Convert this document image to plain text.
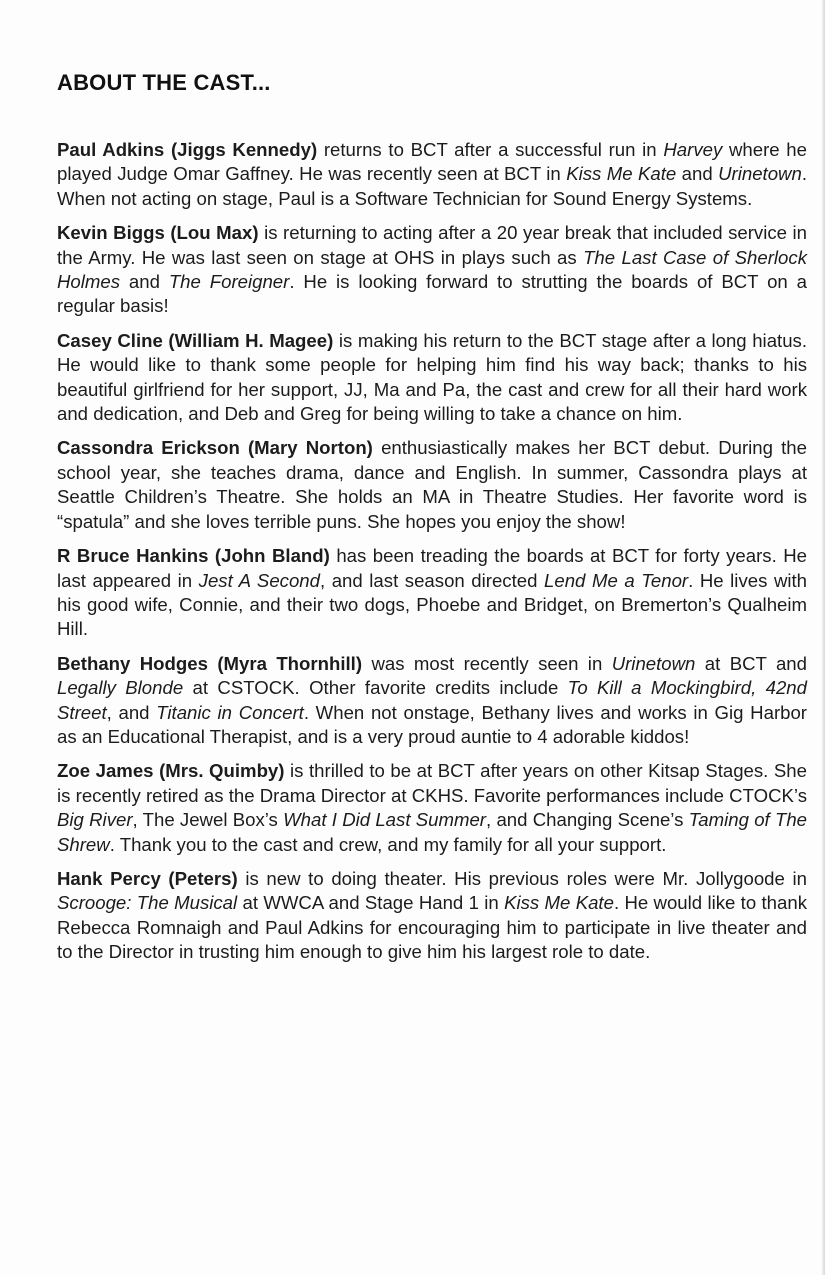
ABOUT THE CAST...

Paul Adkins (Jiggs Kennedy) returns to BCT after a successful run in Harvey where he played Judge Omar Gaffney. He was recently seen at BCT in Kiss Me Kate and Urinetown. When not acting on stage, Paul is a Software Technician for Sound Energy Systems.

Kevin Biggs (Lou Max) is returning to acting after a 20 year break that included service in the Army. He was last seen on stage at OHS in plays such as The Last Case of Sherlock Holmes and The Foreigner. He is looking forward to strutting the boards of BCT on a regular basis!

Casey Cline (William H. Magee) is making his return to the BCT stage after a long hiatus. He would like to thank some people for helping him find his way back; thanks to his beautiful girlfriend for her support, JJ, Ma and Pa, the cast and crew for all their hard work and dedication, and Deb and Greg for being willing to take a chance on him.

Cassondra Erickson (Mary Norton) enthusiastically makes her BCT debut. During the school year, she teaches drama, dance and English. In summer, Cassondra plays at Seattle Children’s Theatre. She holds an MA in Theatre Studies. Her favorite word is “spatula” and she loves terrible puns. She hopes you enjoy the show!

R Bruce Hankins (John Bland) has been treading the boards at BCT for forty years. He last appeared in Jest A Second, and last season directed Lend Me a Tenor. He lives with his good wife, Connie, and their two dogs, Phoebe and Bridget, on Bremerton’s Qualheim Hill.

Bethany Hodges (Myra Thornhill) was most recently seen in Urinetown at BCT and Legally Blonde at CSTOCK. Other favorite credits include To Kill a Mockingbird, 42nd Street, and Titanic in Concert. When not onstage, Bethany lives and works in Gig Harbor as an Educational Therapist, and is a very proud auntie to 4 adorable kiddos!

Zoe James (Mrs. Quimby) is thrilled to be at BCT after years on other Kitsap Stages. She is recently retired as the Drama Director at CKHS. Favorite performances include CTOCK’s Big River, The Jewel Box’s What I Did Last Summer, and Changing Scene’s Taming of The Shrew. Thank you to the cast and crew, and my family for all your support.

Hank Percy (Peters) is new to doing theater. His previous roles were Mr. Jollygoode in Scrooge: The Musical at WWCA and Stage Hand 1 in Kiss Me Kate. He would like to thank Rebecca Romnaigh and Paul Adkins for encouraging him to participate in live theater and to the Director in trusting him enough to give him his largest role to date.
